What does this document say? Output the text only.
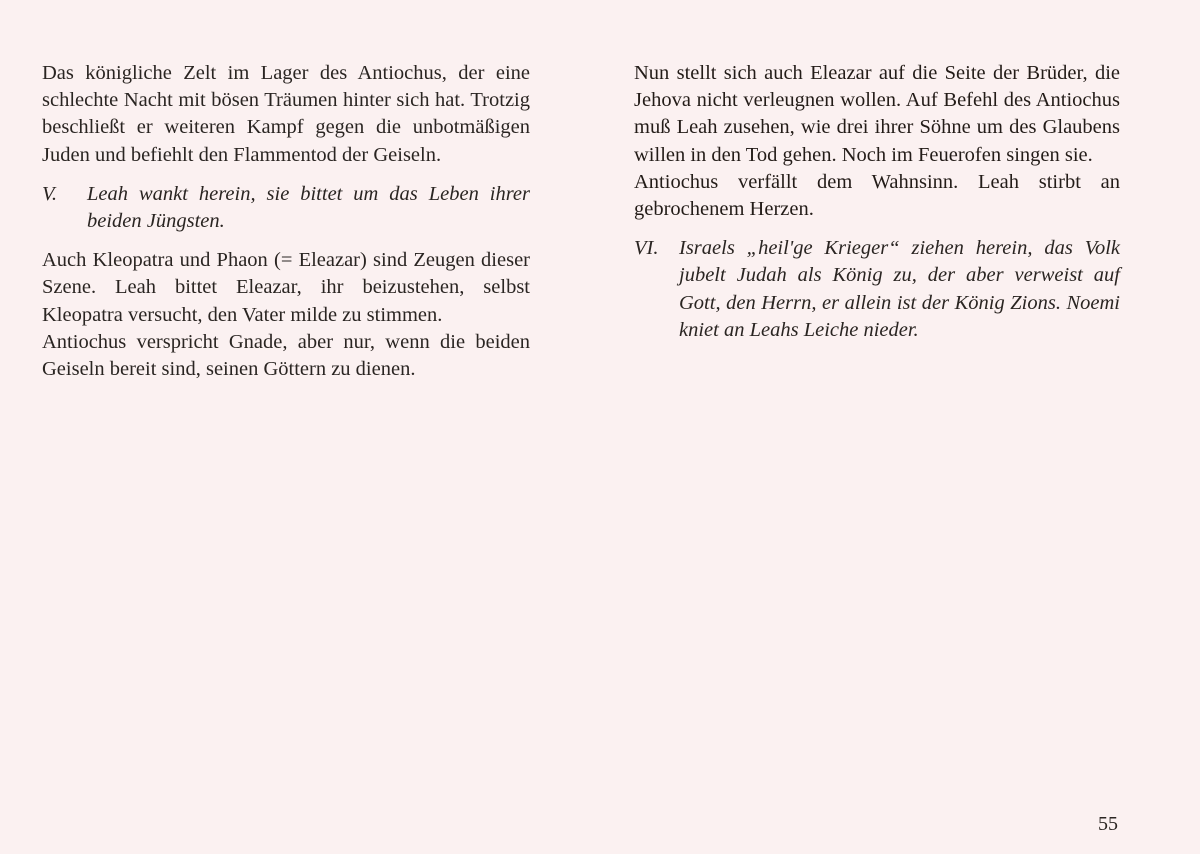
Das königliche Zelt im Lager des Antiochus, der eine schlechte Nacht mit bösen Träumen hinter sich hat. Trotzig beschließt er weiteren Kampf gegen die unbotmäßigen Juden und befiehlt den Flammentod der Geiseln.

V. Leah wankt herein, sie bittet um das Leben ihrer beiden Jüngsten.

Auch Kleopatra und Phaon (= Eleazar) sind Zeugen dieser Szene. Leah bittet Eleazar, ihr beizustehen, selbst Kleopatra versucht, den Vater milde zu stimmen.

Antiochus verspricht Gnade, aber nur, wenn die beiden Geiseln bereit sind, seinen Göttern zu dienen.

Nun stellt sich auch Eleazar auf die Seite der Brüder, die Jehova nicht verleugnen wollen. Auf Befehl des Antiochus muß Leah zusehen, wie drei ihrer Söhne um des Glaubens willen in den Tod gehen. Noch im Feuerofen singen sie.

Antiochus verfällt dem Wahnsinn. Leah stirbt an gebrochenem Herzen.

VI. Israels „heil'ge Krieger“ ziehen herein, das Volk jubelt Judah als König zu, der aber verweist auf Gott, den Herrn, er allein ist der König Zions. Noemi kniet an Leahs Leiche nieder.
55
